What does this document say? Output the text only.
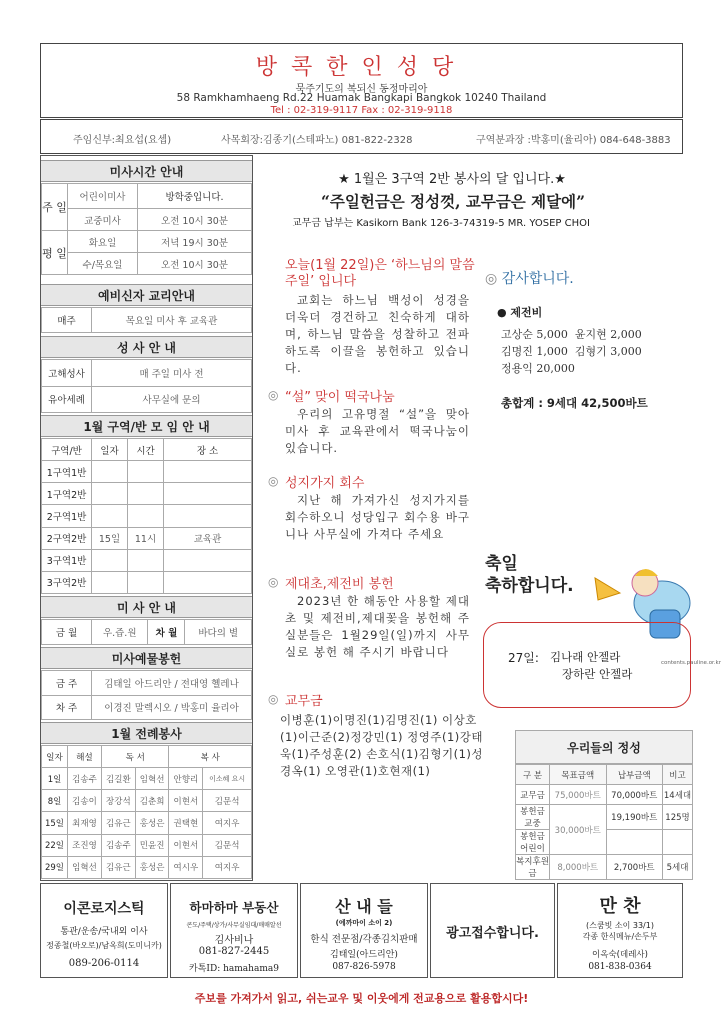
방콕한인성당
묵주기도의 복되신 동정마리아
58 Ramkhamhaeng Rd.22 Huamak Bangkapi Bangkok 10240 Thailand
Tel : 02-319-9117 Fax : 02-319-9118
주임신부:최요섭(요셉)	사목회장:김종기(스테파노) 081-822-2328	구역분과장 :박홍미(율리아) 084-648-3883
미사시간 안내
주 일	어린이미사	방학중입니다.
	교중미사	오전 10시 30분
평 일	화요일	저녁 19시 30분
	수/목요일	오전 10시 30분
예비신자 교리안내
매주	목요일 미사 후 교육관
성 사 안 내
고해성사	매 주일 미사 전
유아세례	사무실에 문의
1월 구역/반 모 임 안 내
구역/반	일자	시간	장 소
1구역1반			
1구역2반			
2구역1반			
2구역2반	15일	11시	교육관
3구역1반			
3구역2반			
미 사 안 내
금 월	우.즙.원	차 월	바다의 별
미사예물봉헌
금 주	김태일 아드리안 / 전대영 헬레나
차 주	이경진 말렉시오 / 박홍미 율리아
1월 전례봉사
일자	해설	독 서		복 사	
1일	김송주	김길환	임혁선	안향리	이소혜 요시
8일	김송이	장강석	김춘희	이현서	김문석
15일	최재영	김유근	홍성은	권택현	여지우
22일	조진영	김송주	민윤진	이현서	김문석
29일	임혁선	김유근	홍성은	여시우	여지우
★ 1월은 3구역 2반 봉사의 달 입니다.★
“주일헌금은 정성껏, 교무금은 제달에”
교무금 납부는 Kasikorn Bank 126-3-74319-5 MR. YOSEP CHOI
오늘(1월 22일)은 ‘하느님의 말씀 주일’ 입니다
교회는 하느님 백성이 성경을 더욱더 경건하고 친숙하게 대하며, 하느님 말씀을 성찰하고 전파하도록 이끌을 봉헌하고 있습니다.
◎ “설” 맞이 떡국나눔
우리의 고유명절 “설”을 맞아 미사 후 교육관에서 떡국나눔이 있습니다.
◎ 성지가지 회수
지난 해 가져가신 성지가지를 회수하오니 성당입구 회수용 바구니나 사무실에 가져다 주세요
◎ 제대초,제전비 봉헌
2023년 한 해동안 사용할 제대초 및 제전비,제대꽃을 봉헌해 주실분들은 1월29일(일)까지 사무실로 봉헌 해 주시기 바랍니다
◎ 교무금
이병훈(1)이명진(1)김명진(1) 이상호(1)이근준(2)정강민(1) 정영주(1)강태욱(1)주성훈(2) 손호식(1)김형기(1)성경옥(1) 오영관(1)호현재(1)
◎ 감사합니다.
● 제전비
고상순 5,000 윤지현 2,000
김명진 1,000 김형기 3,000
정용익 20,000
총합계 : 9세대 42,500바트
축일
축하합니다.
contents.pauline.or.kr
27일: 김나래 안젤라
장하란 안젤라
우리들의 정성
구 분	목표금액	납부금액	비고
교무금	75,000바트	70,000바트	14세대
봉헌금 교중	30,000바트	19,190바트	125명
봉헌금 어린이			
복지후원금	8,000바트	2,700바트	5세대
이콘로지스틱
통관/운송/국내외 이사
정종철(바오로)/남옥희(도미니카)
089-206-0114
하마하마 부동산
콘도/주택/상가/사무실임대/매매알선
김사비나
081-827-2445
카톡ID: hamahama9
산 내 들
(에까마이 소이 2)
한식 전문점/각종김치판매
김태일(아드리안)
087-826-5978
광고접수합니다.
만 찬
(스쿰빗 소이 33/1)
각종 한식메뉴/손두부
이옥숙(데레사)
081-838-0364
주보를 가져가서 읽고, 쉬는교우 및 이웃에게 전교용으로 활용합시다!
